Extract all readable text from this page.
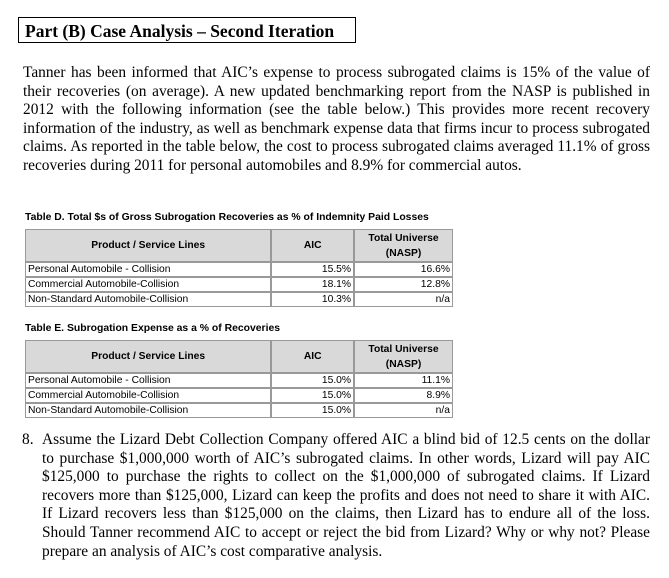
Part (B) Case Analysis – Second Iteration
Tanner has been informed that AIC’s expense to process subrogated claims is 15% of the value of their recoveries (on average). A new updated benchmarking report from the NASP is published in 2012 with the following information (see the table below.) This provides more recent recovery information of the industry, as well as benchmark expense data that firms incur to process subrogated claims. As reported in the table below, the cost to process subrogated claims averaged 11.1% of gross recoveries during 2011 for personal automobiles and 8.9% for commercial autos.
Table D. Total $s of Gross Subrogation Recoveries as % of Indemnity Paid Losses
Product / Service Lines	AIC	Total Universe (NASP)
Personal Automobile - Collision	15.5%	16.6%
Commercial Automobile-Collision	18.1%	12.8%
Non-Standard Automobile-Collision	10.3%	n/a
Table E. Subrogation Expense as a % of Recoveries
Product / Service Lines	AIC	Total Universe (NASP)
Personal Automobile - Collision	15.0%	11.1%
Commercial Automobile-Collision	15.0%	8.9%
Non-Standard Automobile-Collision	15.0%	n/a
8. Assume the Lizard Debt Collection Company offered AIC a blind bid of 12.5 cents on the dollar to purchase $1,000,000 worth of AIC’s subrogated claims. In other words, Lizard will pay AIC $125,000 to purchase the rights to collect on the $1,000,000 of subrogated claims. If Lizard recovers more than $125,000, Lizard can keep the profits and does not need to share it with AIC. If Lizard recovers less than $125,000 on the claims, then Lizard has to endure all of the loss. Should Tanner recommend AIC to accept or reject the bid from Lizard? Why or why not? Please prepare an analysis of AIC’s cost comparative analysis.
